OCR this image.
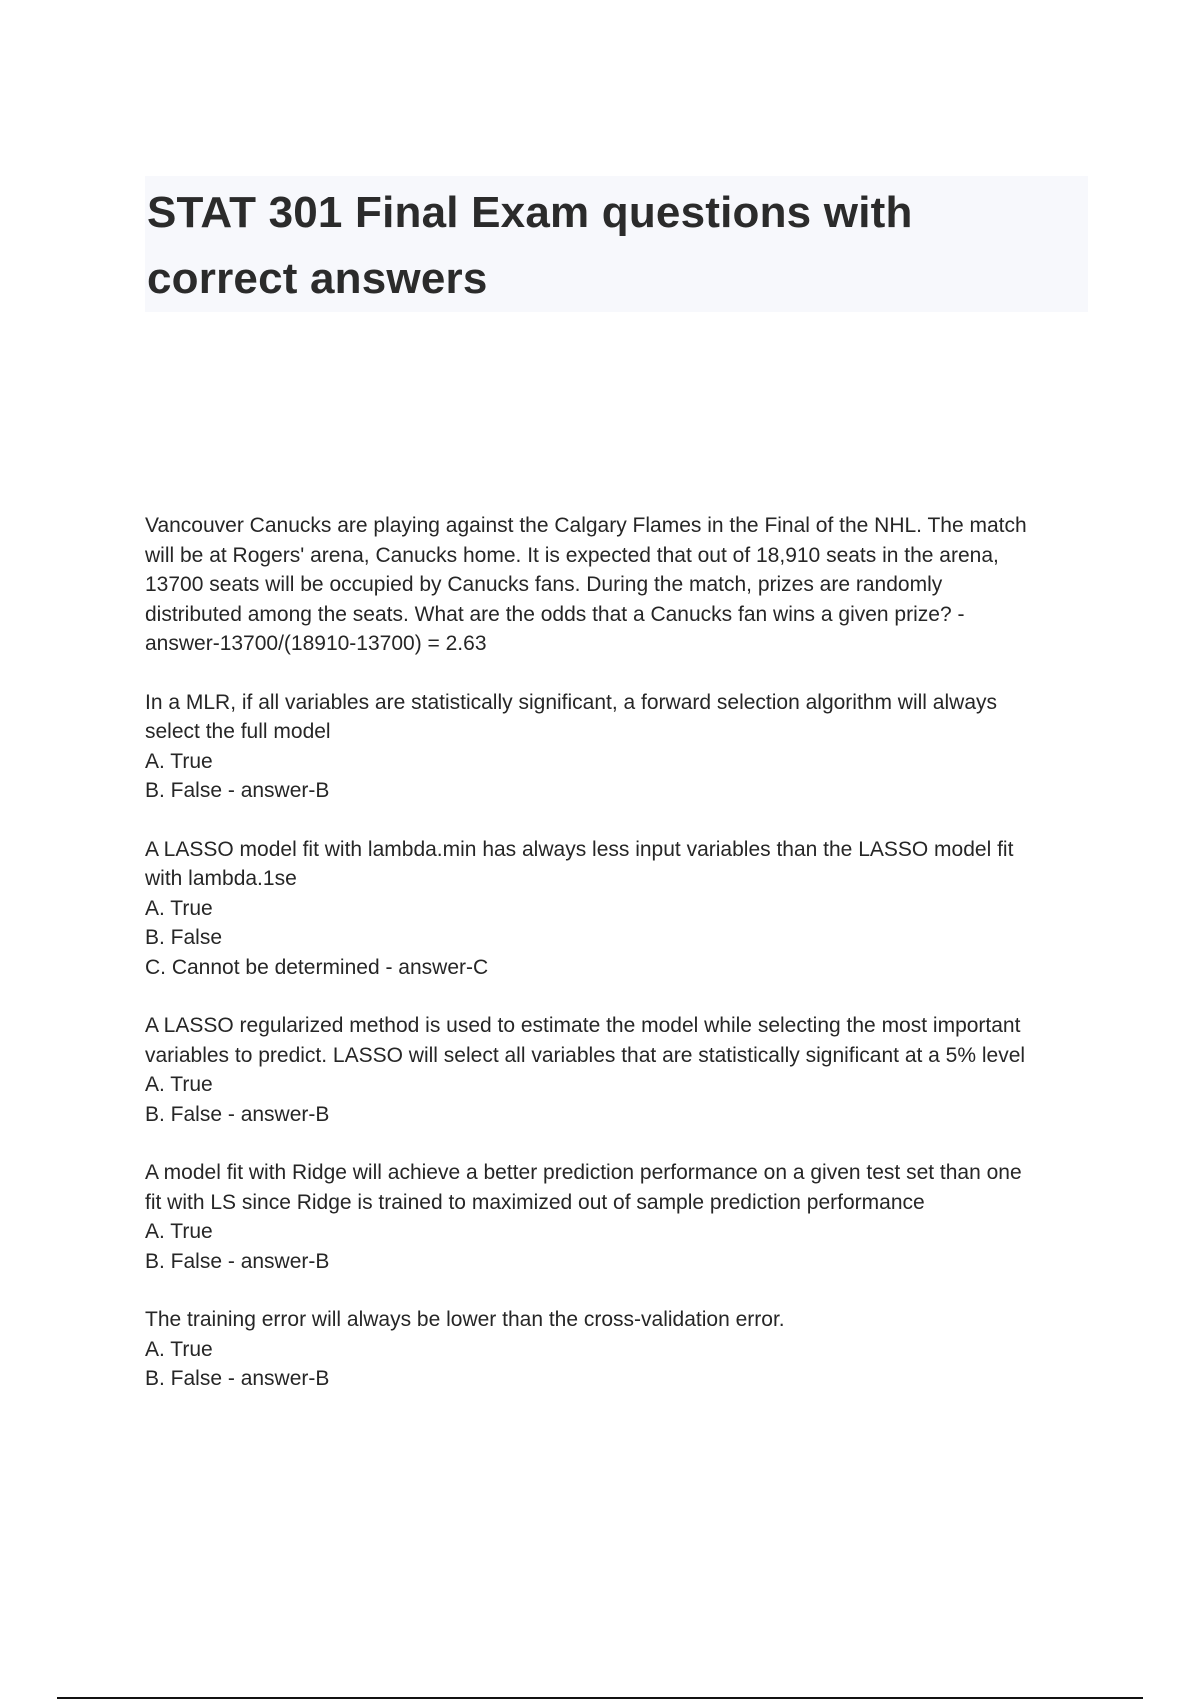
STAT 301 Final Exam questions with
correct answers
Vancouver Canucks are playing against the Calgary Flames in the Final of the NHL. The match
will be at Rogers' arena, Canucks home. It is expected that out of 18,910 seats in the arena,
13700 seats will be occupied by Canucks fans. During the match, prizes are randomly
distributed among the seats. What are the odds that a Canucks fan wins a given prize? -
answer-13700/(18910-13700) = 2.63
In a MLR, if all variables are statistically significant, a forward selection algorithm will always
select the full model
A. True
B. False - answer-B
A LASSO model fit with lambda.min has always less input variables than the LASSO model fit
with lambda.1se
A. True
B. False
C. Cannot be determined - answer-C
A LASSO regularized method is used to estimate the model while selecting the most important
variables to predict. LASSO will select all variables that are statistically significant at a 5% level
A. True
B. False - answer-B
A model fit with Ridge will achieve a better prediction performance on a given test set than one
fit with LS since Ridge is trained to maximized out of sample prediction performance
A. True
B. False - answer-B
The training error will always be lower than the cross-validation error.
A. True
B. False - answer-B
